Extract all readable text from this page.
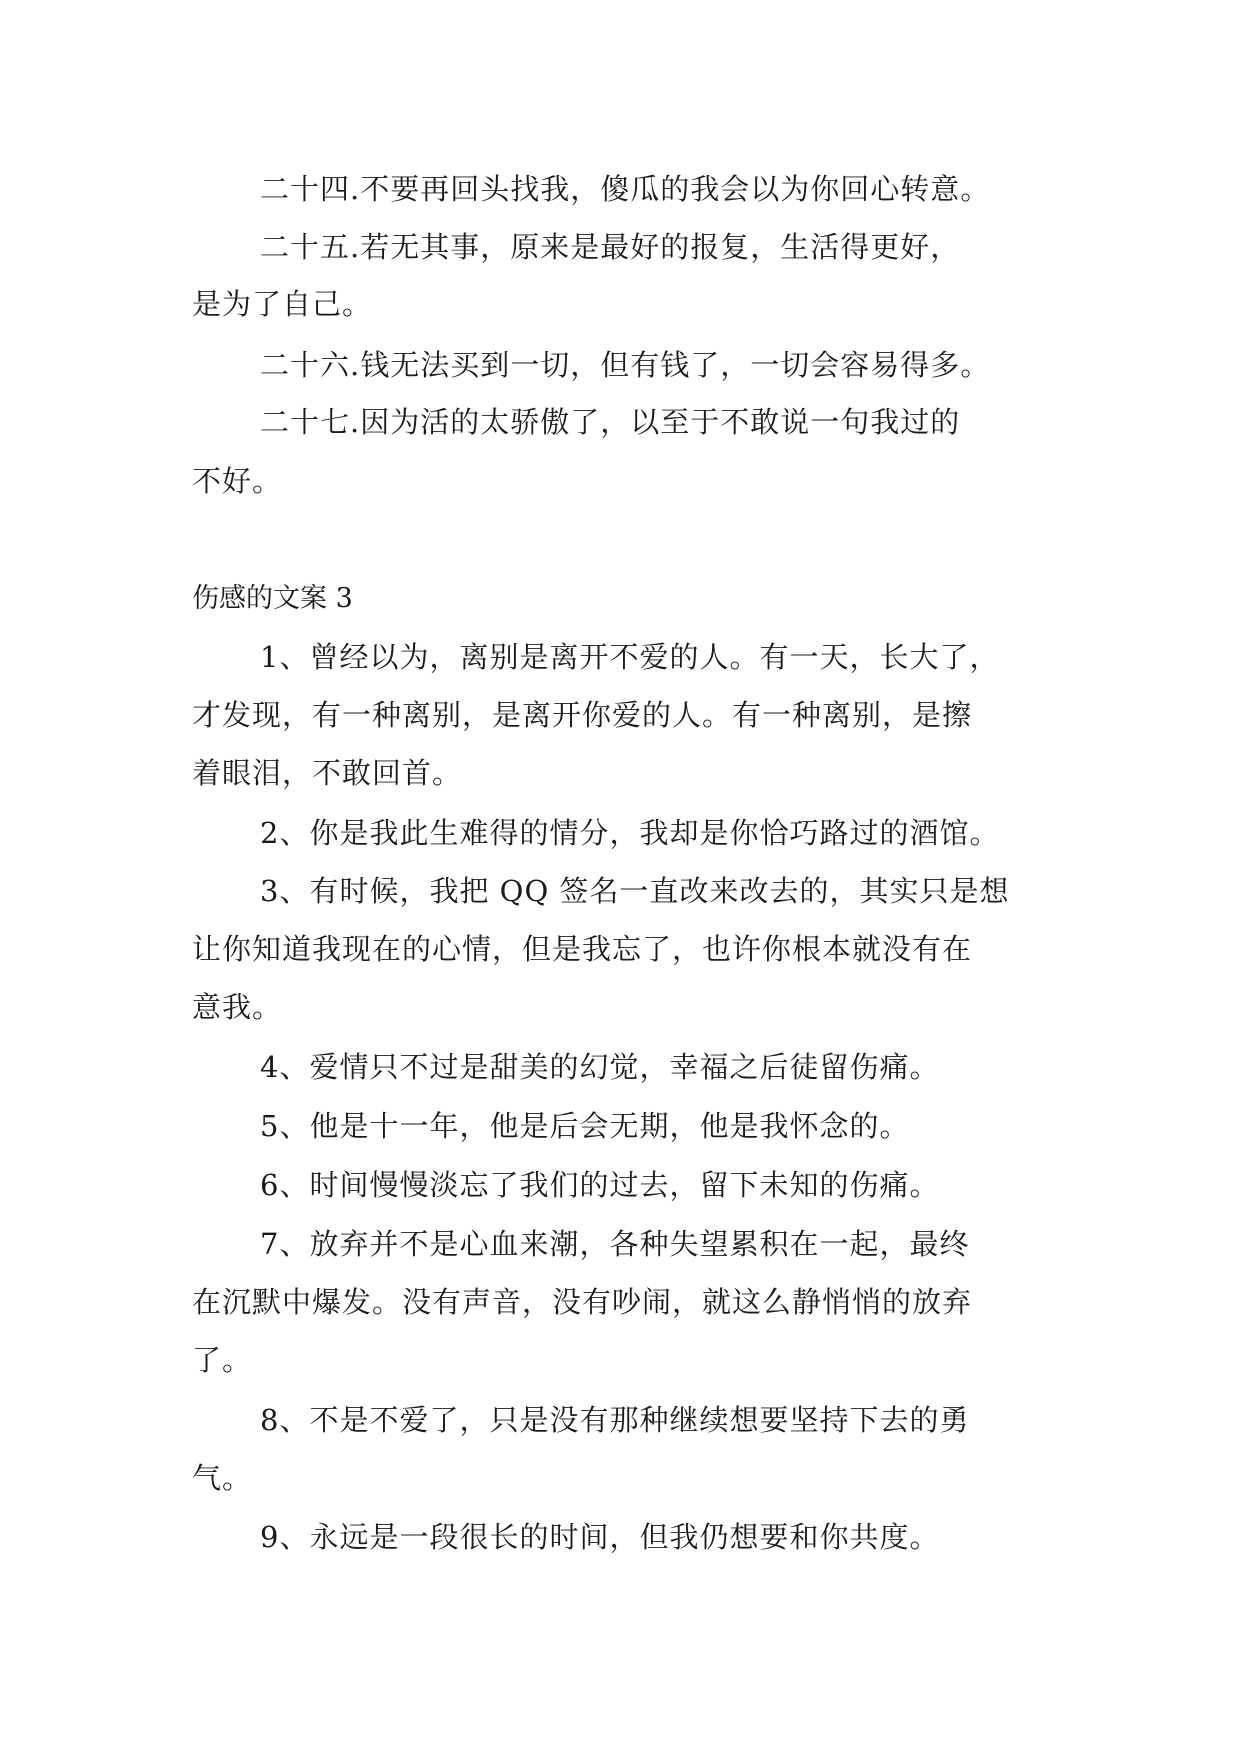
二十四.不要再回头找我，傻瓜的我会以为你回心转意。
二十五.若无其事，原来是最好的报复，生活得更好，
是为了自己。
二十六.钱无法买到一切，但有钱了，一切会容易得多。
二十七.因为活的太骄傲了，以至于不敢说一句我过的
不好。
伤感的文案 3
1、曾经以为，离别是离开不爱的人。有一天，长大了，
才发现，有一种离别，是离开你爱的人。有一种离别，是擦
着眼泪，不敢回首。
2、你是我此生难得的情分，我却是你恰巧路过的酒馆。
3、有时候，我把 QQ 签名一直改来改去的，其实只是想
让你知道我现在的心情，但是我忘了，也许你根本就没有在
意我。
4、爱情只不过是甜美的幻觉，幸福之后徒留伤痛。
5、他是十一年，他是后会无期，他是我怀念的。
6、时间慢慢淡忘了我们的过去，留下未知的伤痛。
7、放弃并不是心血来潮，各种失望累积在一起，最终
在沉默中爆发。没有声音，没有吵闹，就这么静悄悄的放弃
了。
8、不是不爱了，只是没有那种继续想要坚持下去的勇
气。
9、永远是一段很长的时间，但我仍想要和你共度。
